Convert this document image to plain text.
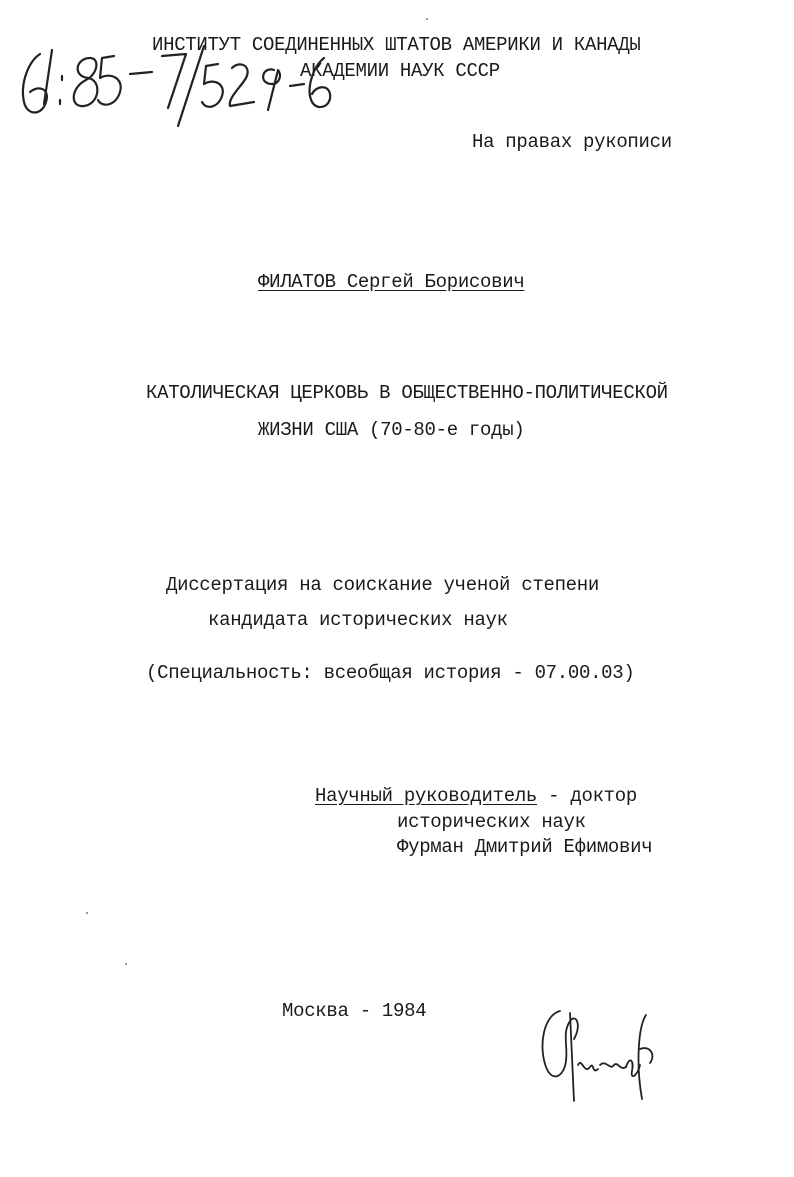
ИНСТИТУТ СОЕДИНЕННЫХ ШТАТОВ АМЕРИКИ И КАНАДЫ
АКАДЕМИИ НАУК СССР
61:85-7/529-6
На правах рукописи
ФИЛАТОВ Сергей Борисович
КАТОЛИЧЕСКАЯ ЦЕРКОВЬ В ОБЩЕСТВЕННО-ПОЛИТИЧЕСКОЙ
ЖИЗНИ США (70-80-е годы)
Диссертация на соискание ученой степени
кандидата исторических наук
(Специальность: всеобщая история - 07.00.03)
Научный руководитель - доктор
исторических наук
Фурман Дмитрий Ефимович
Москва - 1984
